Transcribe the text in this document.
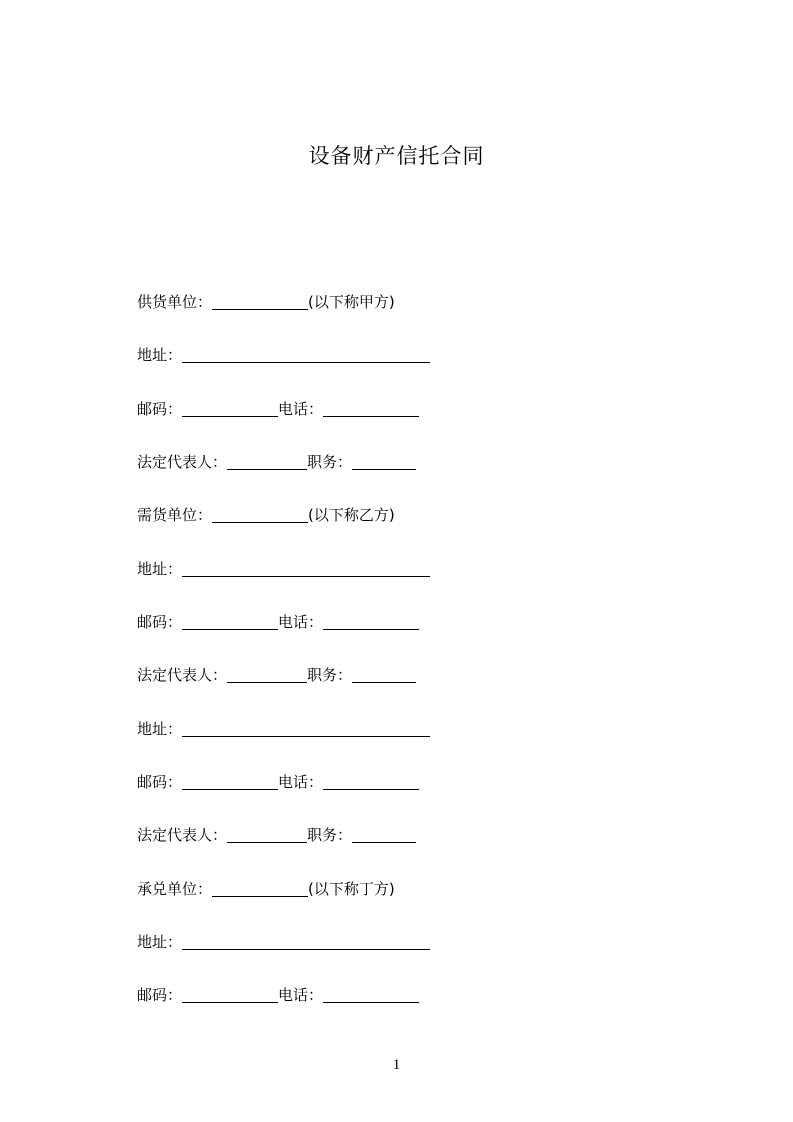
设备财产信托合同
供货单位：	(以下称甲方)
地址：
邮码：	电话：
法定代表人：	职务：
需货单位：	(以下称乙方)
地址：
邮码：	电话：
法定代表人：	职务：
地址：
邮码：	电话：
法定代表人：	职务：
承兑单位：	(以下称丁方)
地址：
邮码：	电话：
1
